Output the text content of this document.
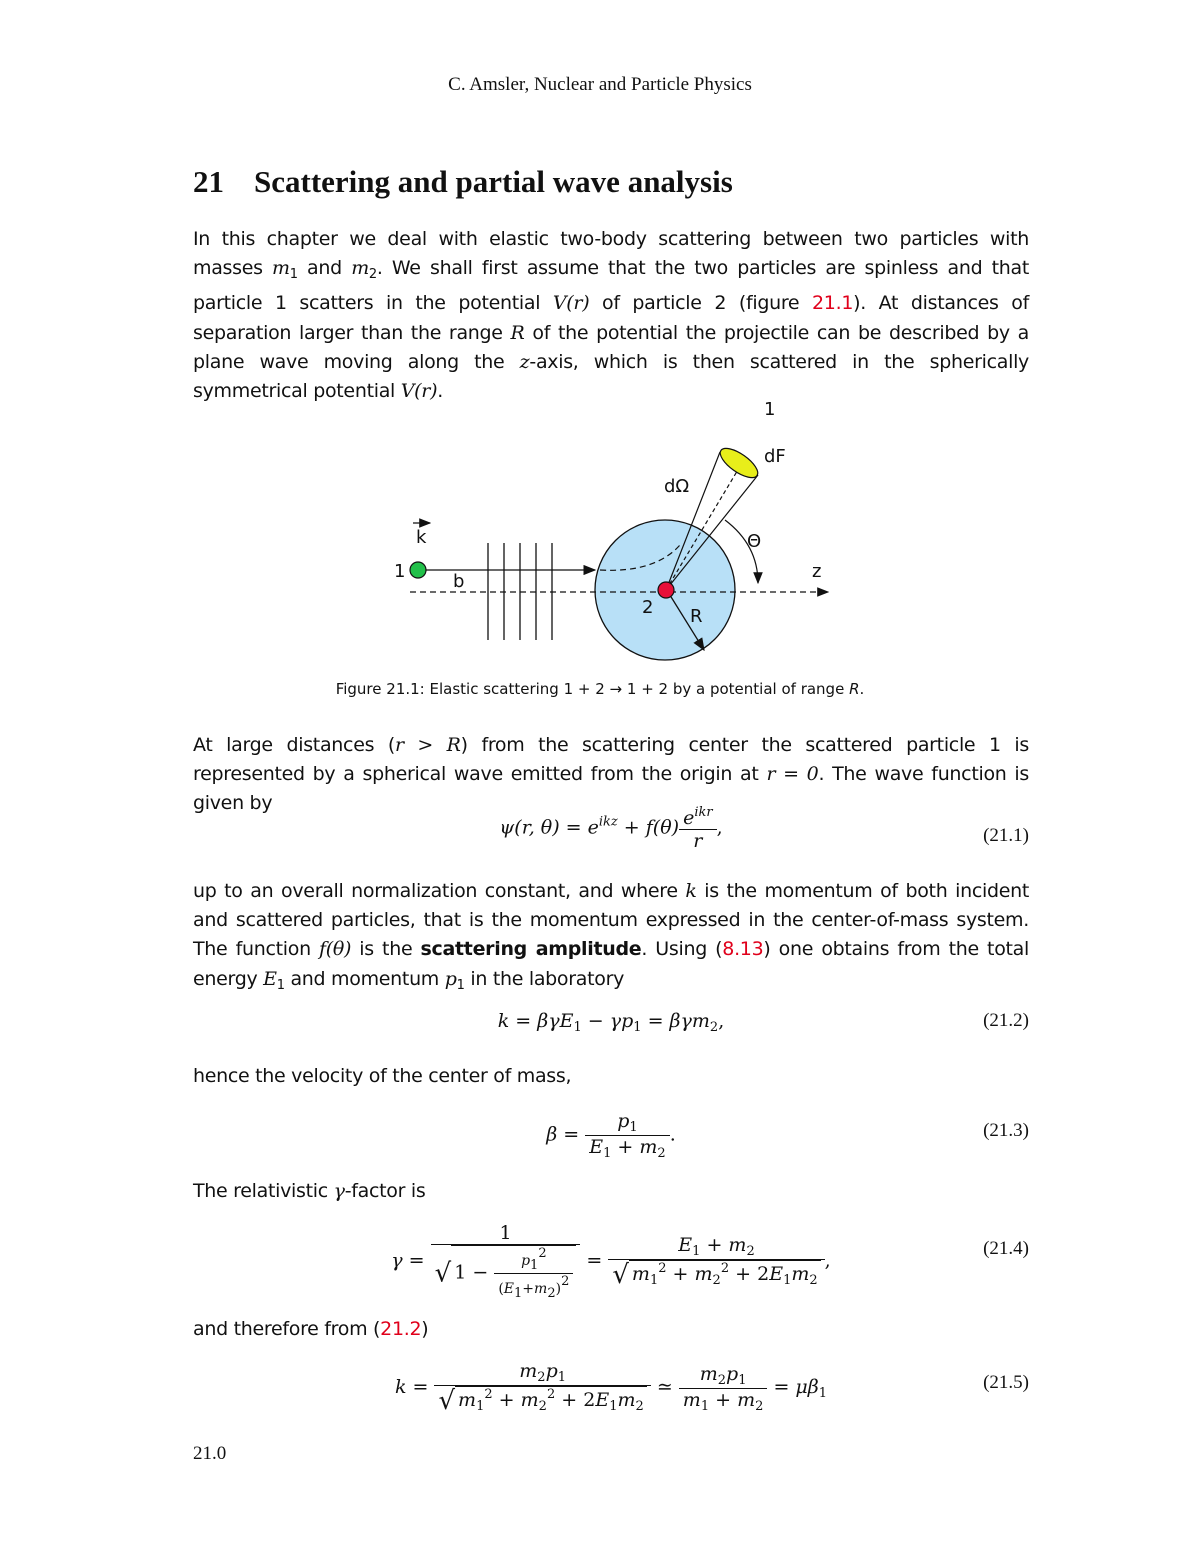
C. Amsler, Nuclear and Particle Physics
21 Scattering and partial wave analysis
In this chapter we deal with elastic two-body scattering between two particles with masses $m_1$ and $m_2$. We shall first assume that the two particles are spinless and that particle 1 scatters in the potential V(r) of particle 2 (figure 21.1). At distances of separation larger than the range R of the potential the projectile can be described by a plane wave moving along the z-axis, which is then scattered in the spherically symmetrical potential V(r).
1
k
b
2 R
z
Θ
dΩ
dF
1
Figure 21.1: Elastic scattering 1 + 2 → 1 + 2 by a potential of range R.
At large distances (r > R) from the scattering center the scattered particle 1 is represented by a spherical wave emitted from the origin at r = 0. The wave function is given by
ψ(r, $\theta) = e^{ikz} + f(\theta) \frac{e^{ikr}}{r}$ ,	(21.1)
up to an overall normalization constant, and where k is the momentum of both incident and scattered particles, that is the momentum expressed in the center-of-mass system. The function f(θ) is the scattering amplitude. Using (8.13) one obtains from the total energy $E_1$ and momentum $p_1$ in the laboratory
$k = \beta\gamma E_1 - \gamma p_1 = \beta\gamma m_2$,	(21.2)
hence the velocity of the center of mass,
$\beta = \frac{p_1}{E_1 + m_2}$ .	(21.3)
The relativistic γ-factor is
$\gamma = \frac{1}{√ 1 - \frac{p12}{(E1+m2)2}} = \frac{E_1 + m_2}{√ m_1^2 + m_2^2 + 2E_1m_2}$ ,
(21.4)
and therefore from (21.2)
$k = \frac{m_2p_1}{√ m_1^2 + m_2^2 + 2E_1m_2}$ ≃ $\frac{m_2p_1}{m_1 + m_2} = \mu\beta_1$
(21.5)
21.0
